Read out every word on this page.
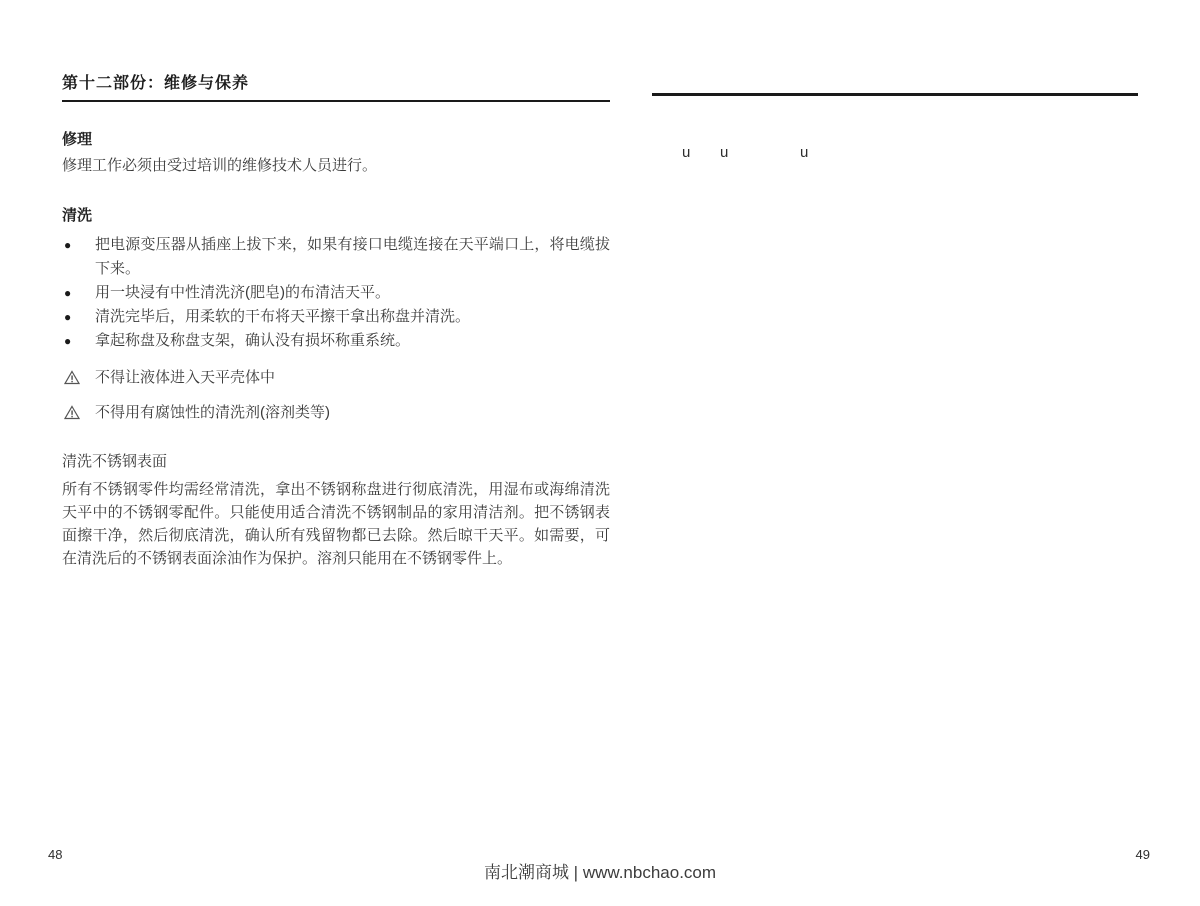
第十二部份：维修与保养
修理
修理工作必须由受过培训的维修技术人员进行。
清洗
● 把电源变压器从插座上拔下来，如果有接口电缆连接在天平端口上，将电缆拔下来。
● 用一块浸有中性清洗济(肥皂)的布清洁天平。
● 清洗完毕后，用柔软的干布将天平擦干拿出称盘并清洗。
● 拿起称盘及称盘支架，确认没有损坏称重系统。
不得让液体进入天平壳体中
不得用有腐蚀性的清洗剂(溶剂类等)
清洗不锈钢表面
所有不锈钢零件均需经常清洗，拿出不锈钢称盘进行彻底清洗，用湿布或海绵清洗天平中的不锈钢零配件。只能使用适合清洗不锈钢制品的家用清洁剂。把不锈钢表面擦干净，然后彻底清洗，确认所有残留物都已去除。然后晾干天平。如需要，可在清洗后的不锈钢表面涂油作为保护。溶剂只能用在不锈钢零件上。
u u	u
48	49
南北潮商城 | www.nbchao.com
